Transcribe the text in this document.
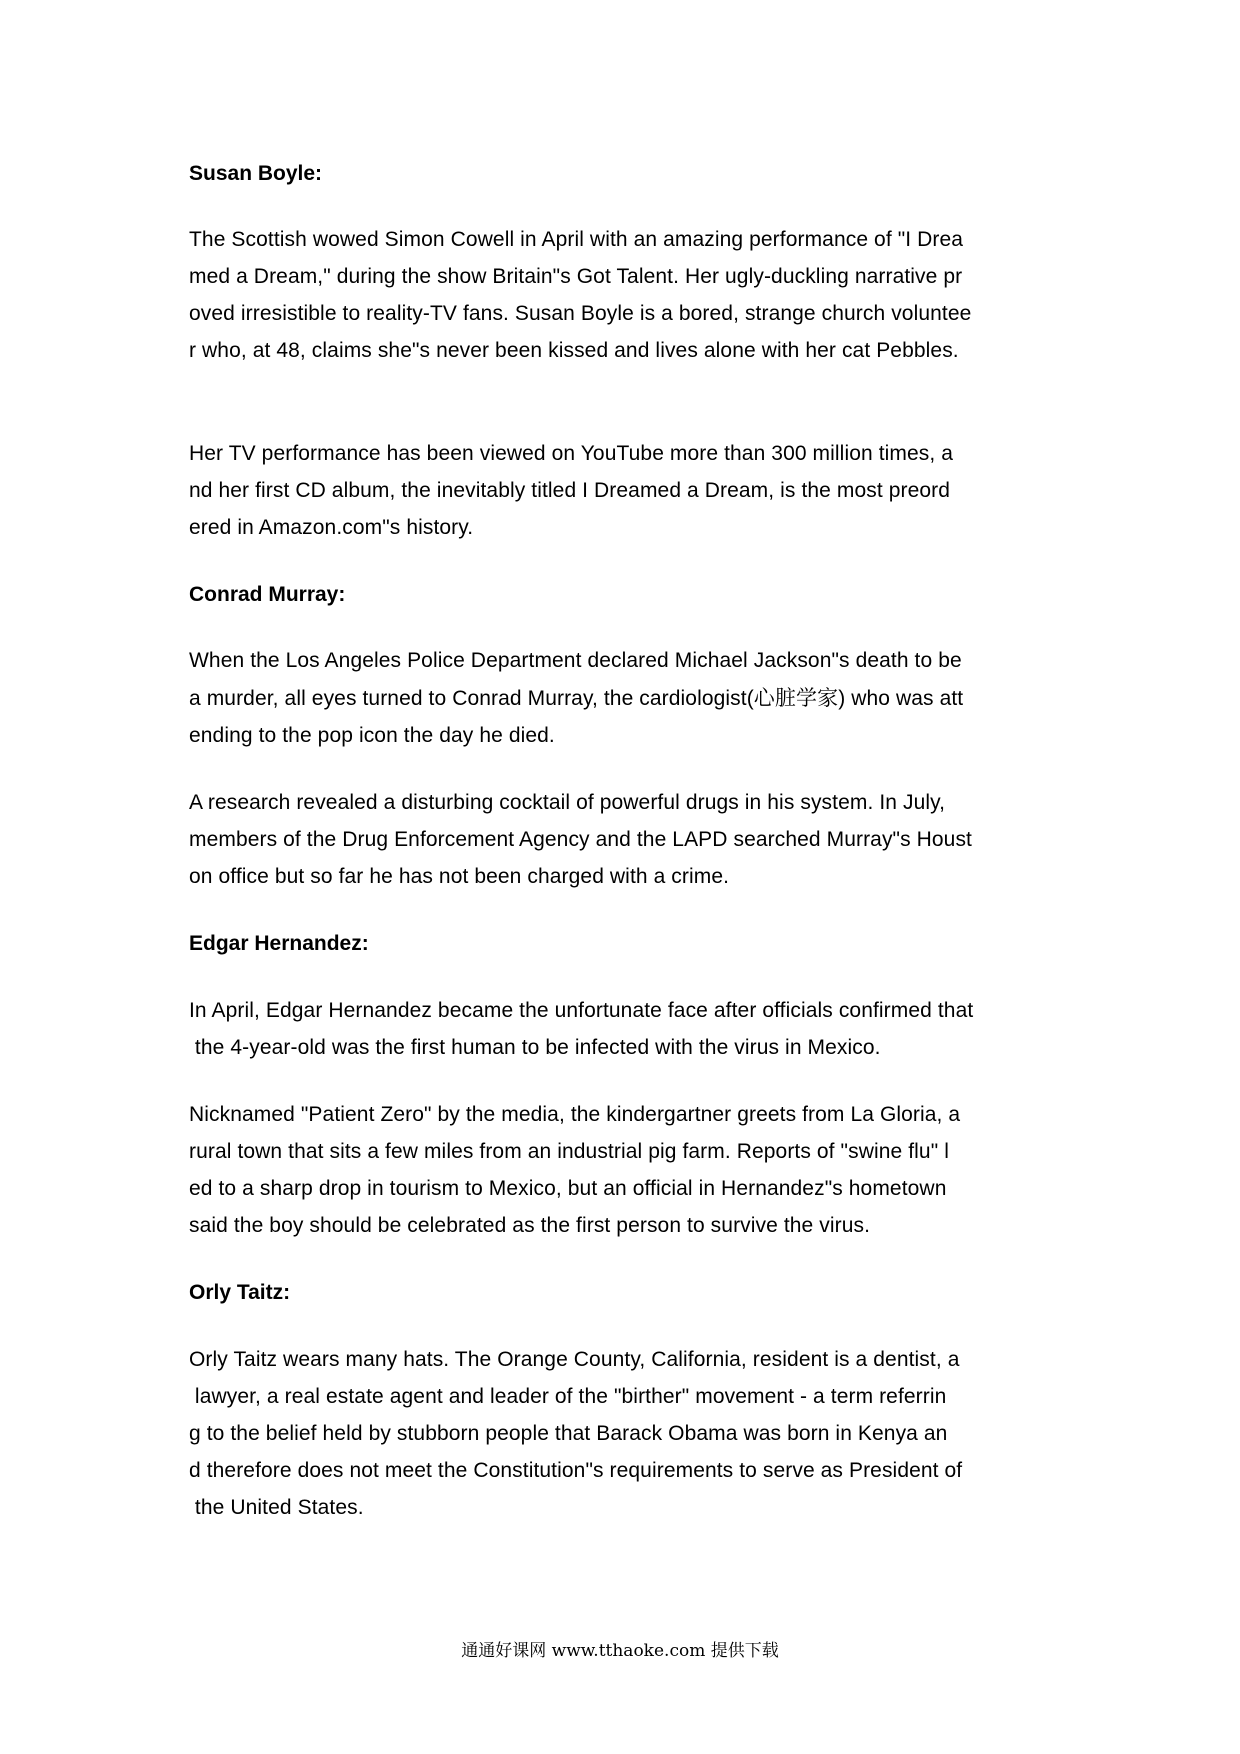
Susan Boyle:
The Scottish wowed Simon Cowell in April with an amazing performance of "I Drea
med a Dream," during the show Britain"s Got Talent. Her ugly-duckling narrative pr
oved irresistible to reality-TV fans. Susan Boyle is a bored, strange church voluntee
r who, at 48, claims she"s never been kissed and lives alone with her cat Pebbles.
Her TV performance has been viewed on YouTube more than 300 million times, a
nd her first CD album, the inevitably titled I Dreamed a Dream, is the most preord
ered in Amazon.com"s history.
Conrad Murray:
When the Los Angeles Police Department declared Michael Jackson"s death to be
a murder, all eyes turned to Conrad Murray, the cardiologist(心脏学家) who was att
ending to the pop icon the day he died.
A research revealed a disturbing cocktail of powerful drugs in his system. In July,
members of the Drug Enforcement Agency and the LAPD searched Murray"s Houst
on office but so far he has not been charged with a crime.
Edgar Hernandez:
In April, Edgar Hernandez became the unfortunate face after officials confirmed that
the 4-year-old was the first human to be infected with the virus in Mexico.
Nicknamed "Patient Zero" by the media, the kindergartner greets from La Gloria, a
rural town that sits a few miles from an industrial pig farm. Reports of "swine flu" l
ed to a sharp drop in tourism to Mexico, but an official in Hernandez"s hometown
said the boy should be celebrated as the first person to survive the virus.
Orly Taitz:
Orly Taitz wears many hats. The Orange County, California, resident is a dentist, a
lawyer, a real estate agent and leader of the "birther" movement - a term referrin
g to the belief held by stubborn people that Barack Obama was born in Kenya an
d therefore does not meet the Constitution"s requirements to serve as President of
the United States.
通通好课网 www.tthaoke.com 提供下载
